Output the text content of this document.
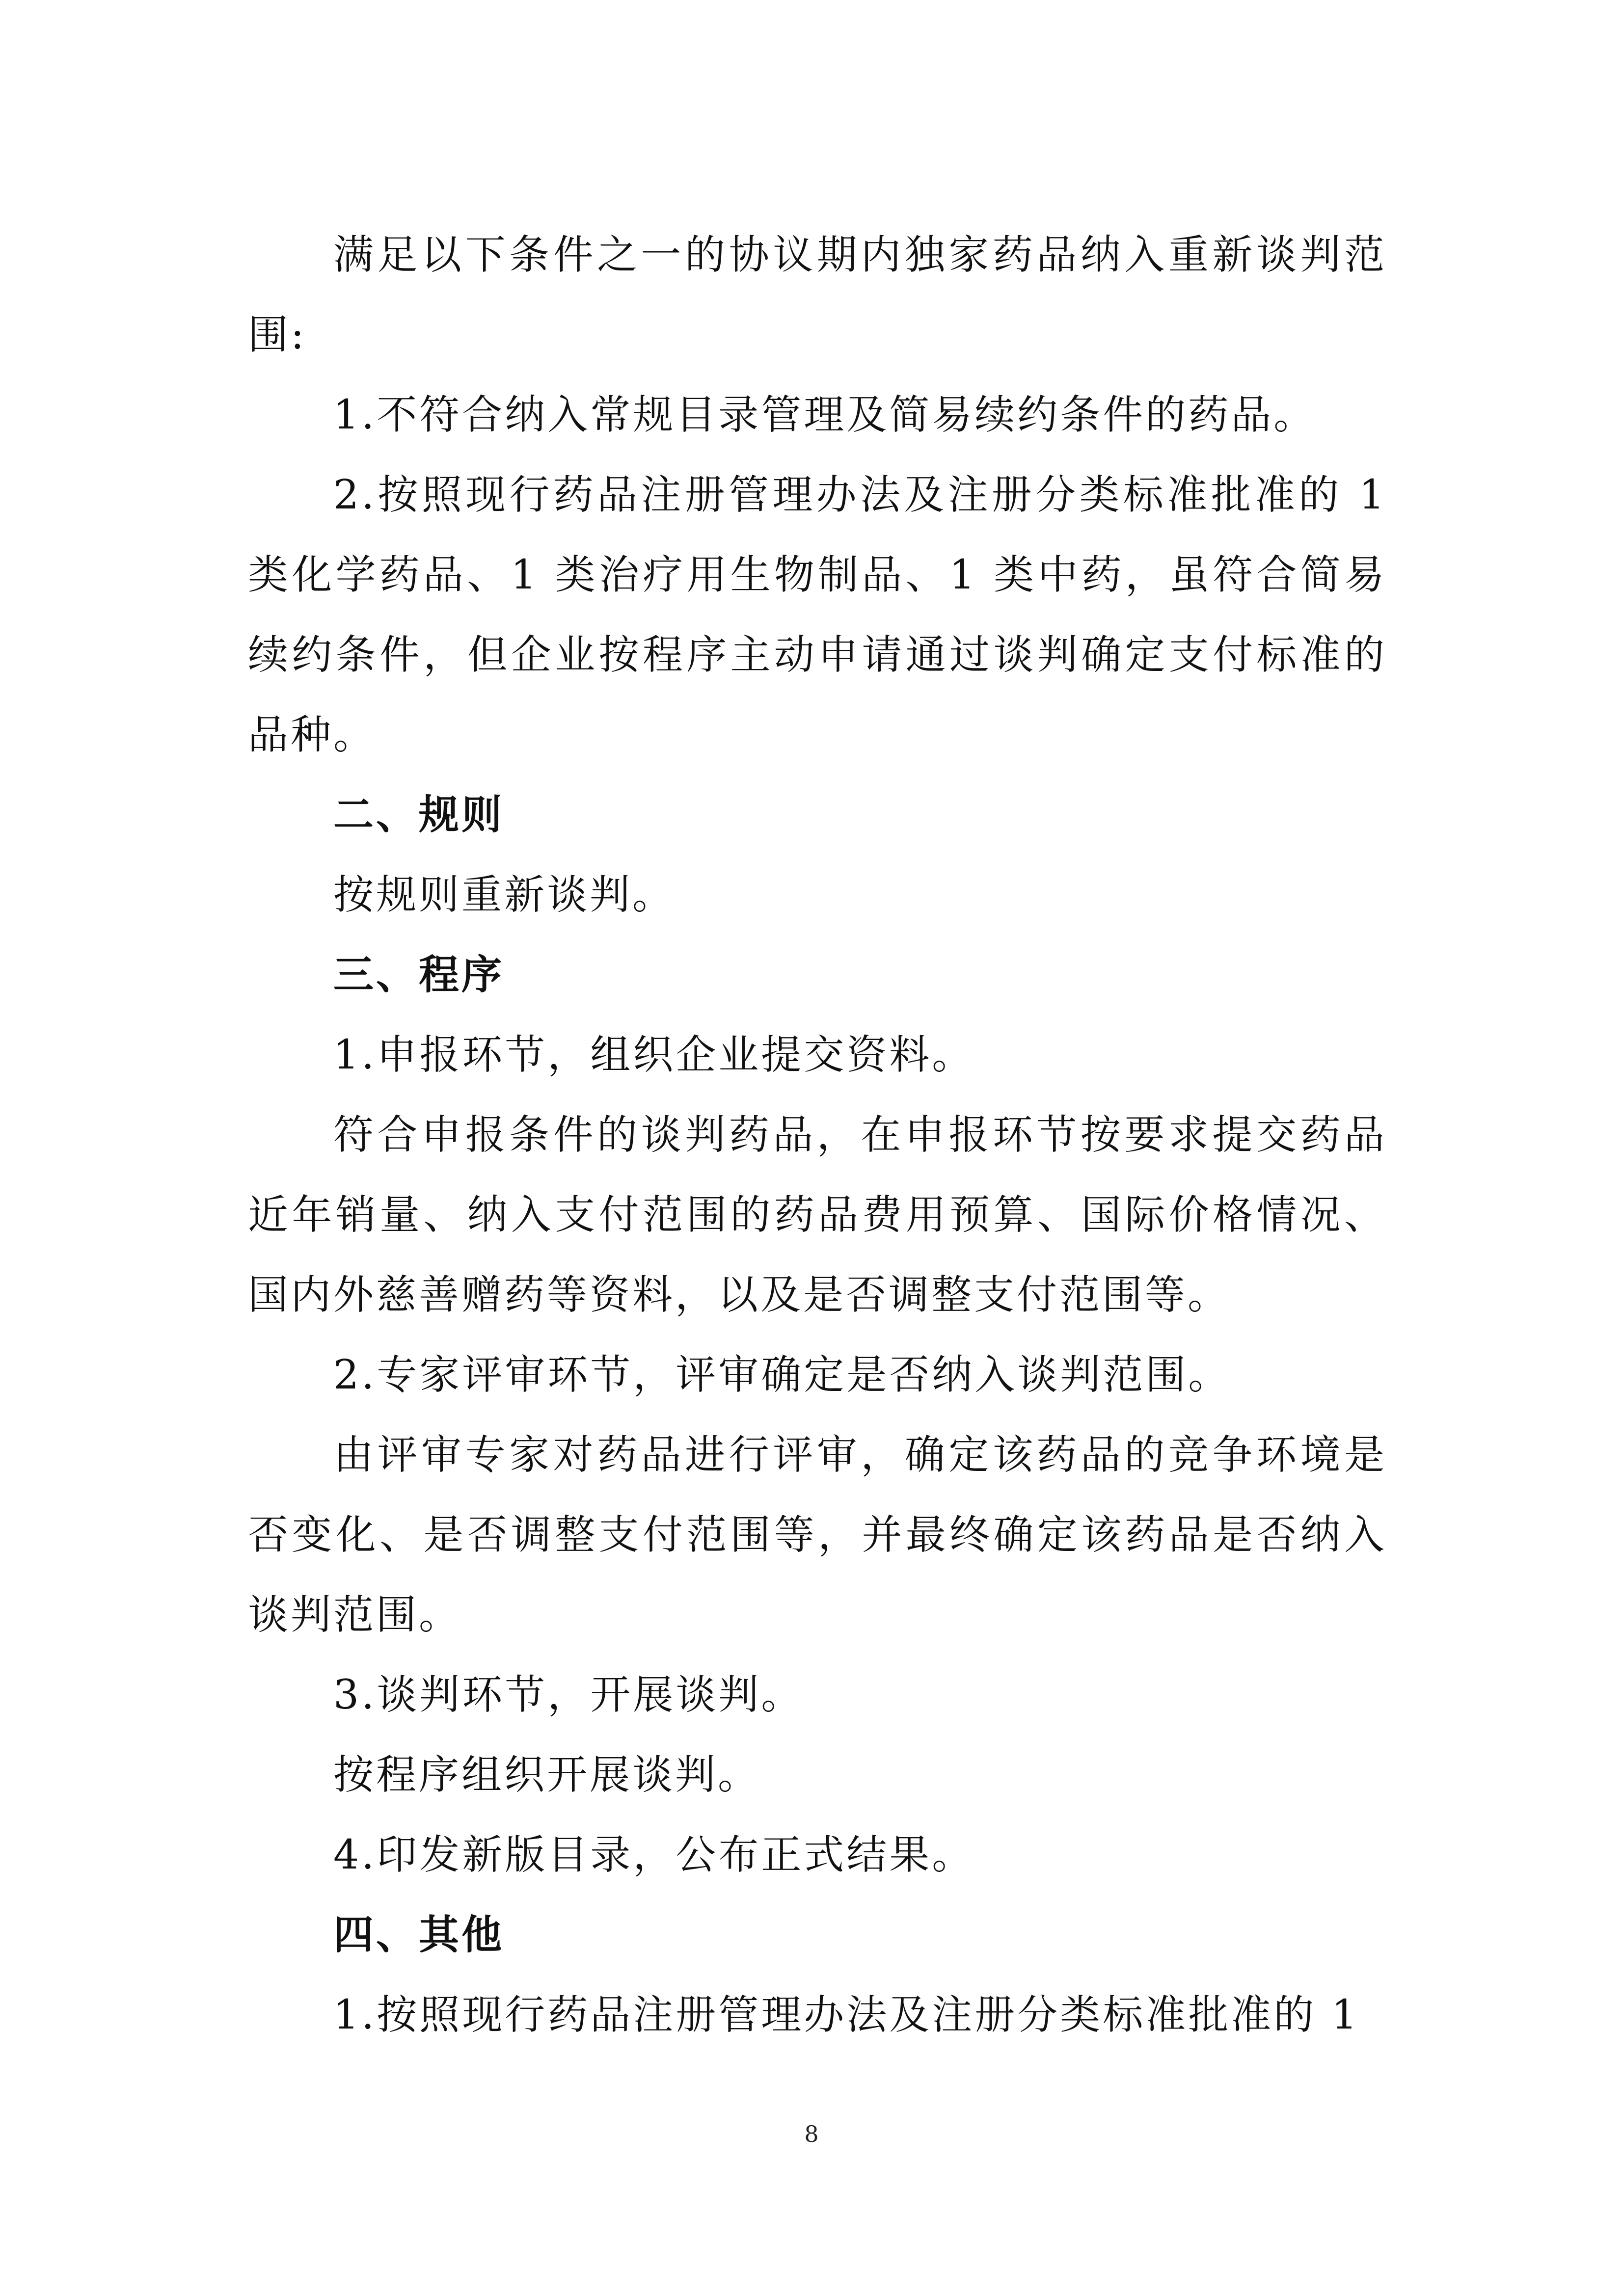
满足以下条件之一的协议期内独家药品纳入重新谈判范围:

1.不符合纳入常规目录管理及简易续约条件的药品。

2.按照现行药品注册管理办法及注册分类标准批准的 1 类化学药品、1 类治疗用生物制品、1 类中药，虽符合简易续约条件，但企业按程序主动申请通过谈判确定支付标准的品种。

二、规则

按规则重新谈判。

三、程序

1.申报环节，组织企业提交资料。

符合申报条件的谈判药品，在申报环节按要求提交药品近年销量、纳入支付范围的药品费用预算、国际价格情况、国内外慈善赠药等资料，以及是否调整支付范围等。

2.专家评审环节，评审确定是否纳入谈判范围。

由评审专家对药品进行评审，确定该药品的竞争环境是否变化、是否调整支付范围等，并最终确定该药品是否纳入谈判范围。

3.谈判环节，开展谈判。

按程序组织开展谈判。

4.印发新版目录，公布正式结果。

四、其他

1.按照现行药品注册管理办法及注册分类标准批准的 1

8
